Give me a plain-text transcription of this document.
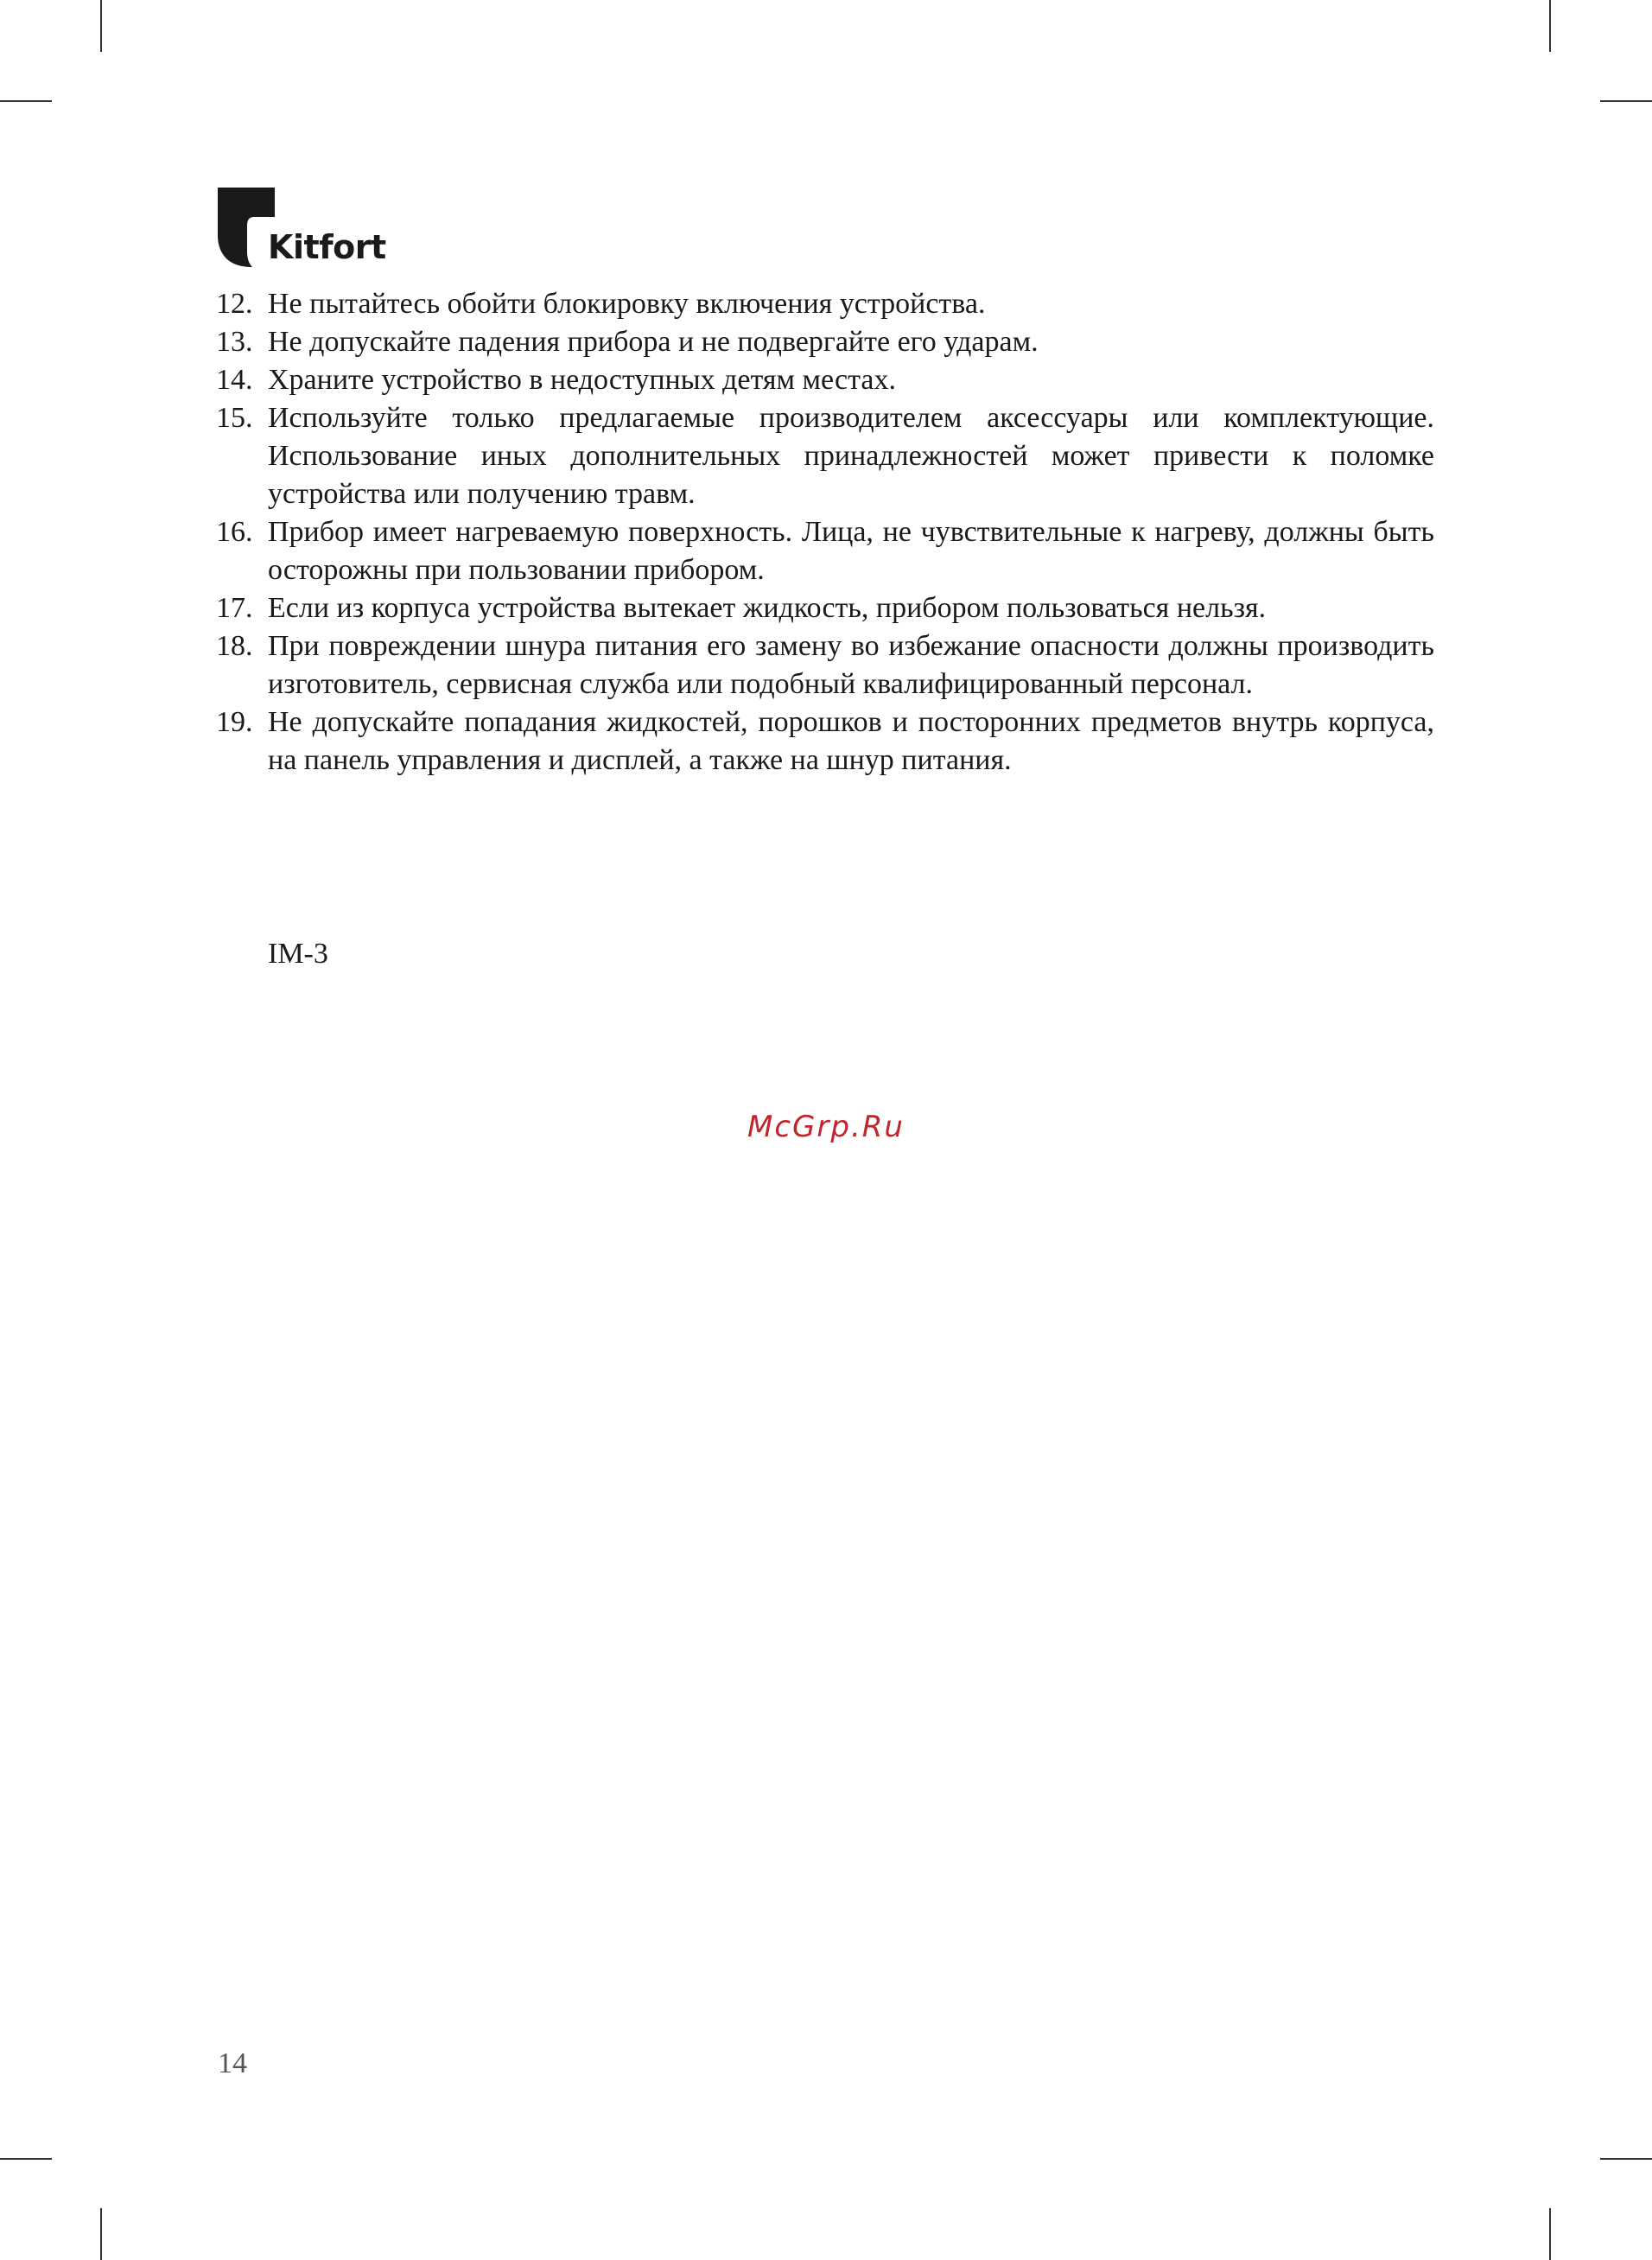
Kitfort
12. Не пытайтесь обойти блокировку включения устройства.
13. Не допускайте падения прибора и не подвергайте его ударам.
14. Храните устройство в недоступных детям местах.
15. Используйте только предлагаемые производителем аксессуары или комплектующие. Использование иных дополнительных принадлежностей может привести к поломке устройства или получению травм.
16. Прибор имеет нагреваемую поверхность. Лица, не чувствительные к нагреву, должны быть осторожны при пользовании прибором.
17. Если из корпуса устройства вытекает жидкость, прибором пользоваться нельзя.
18. При повреждении шнура питания его замену во избежание опасности должны производить изготовитель, сервисная служба или подобный квалифицированный персонал.
19. Не допускайте попадания жидкостей, порошков и посторонних предметов внутрь корпуса, на панель управления и дисплей, а также на шнур питания.
IM-3
McGrp.Ru
14
